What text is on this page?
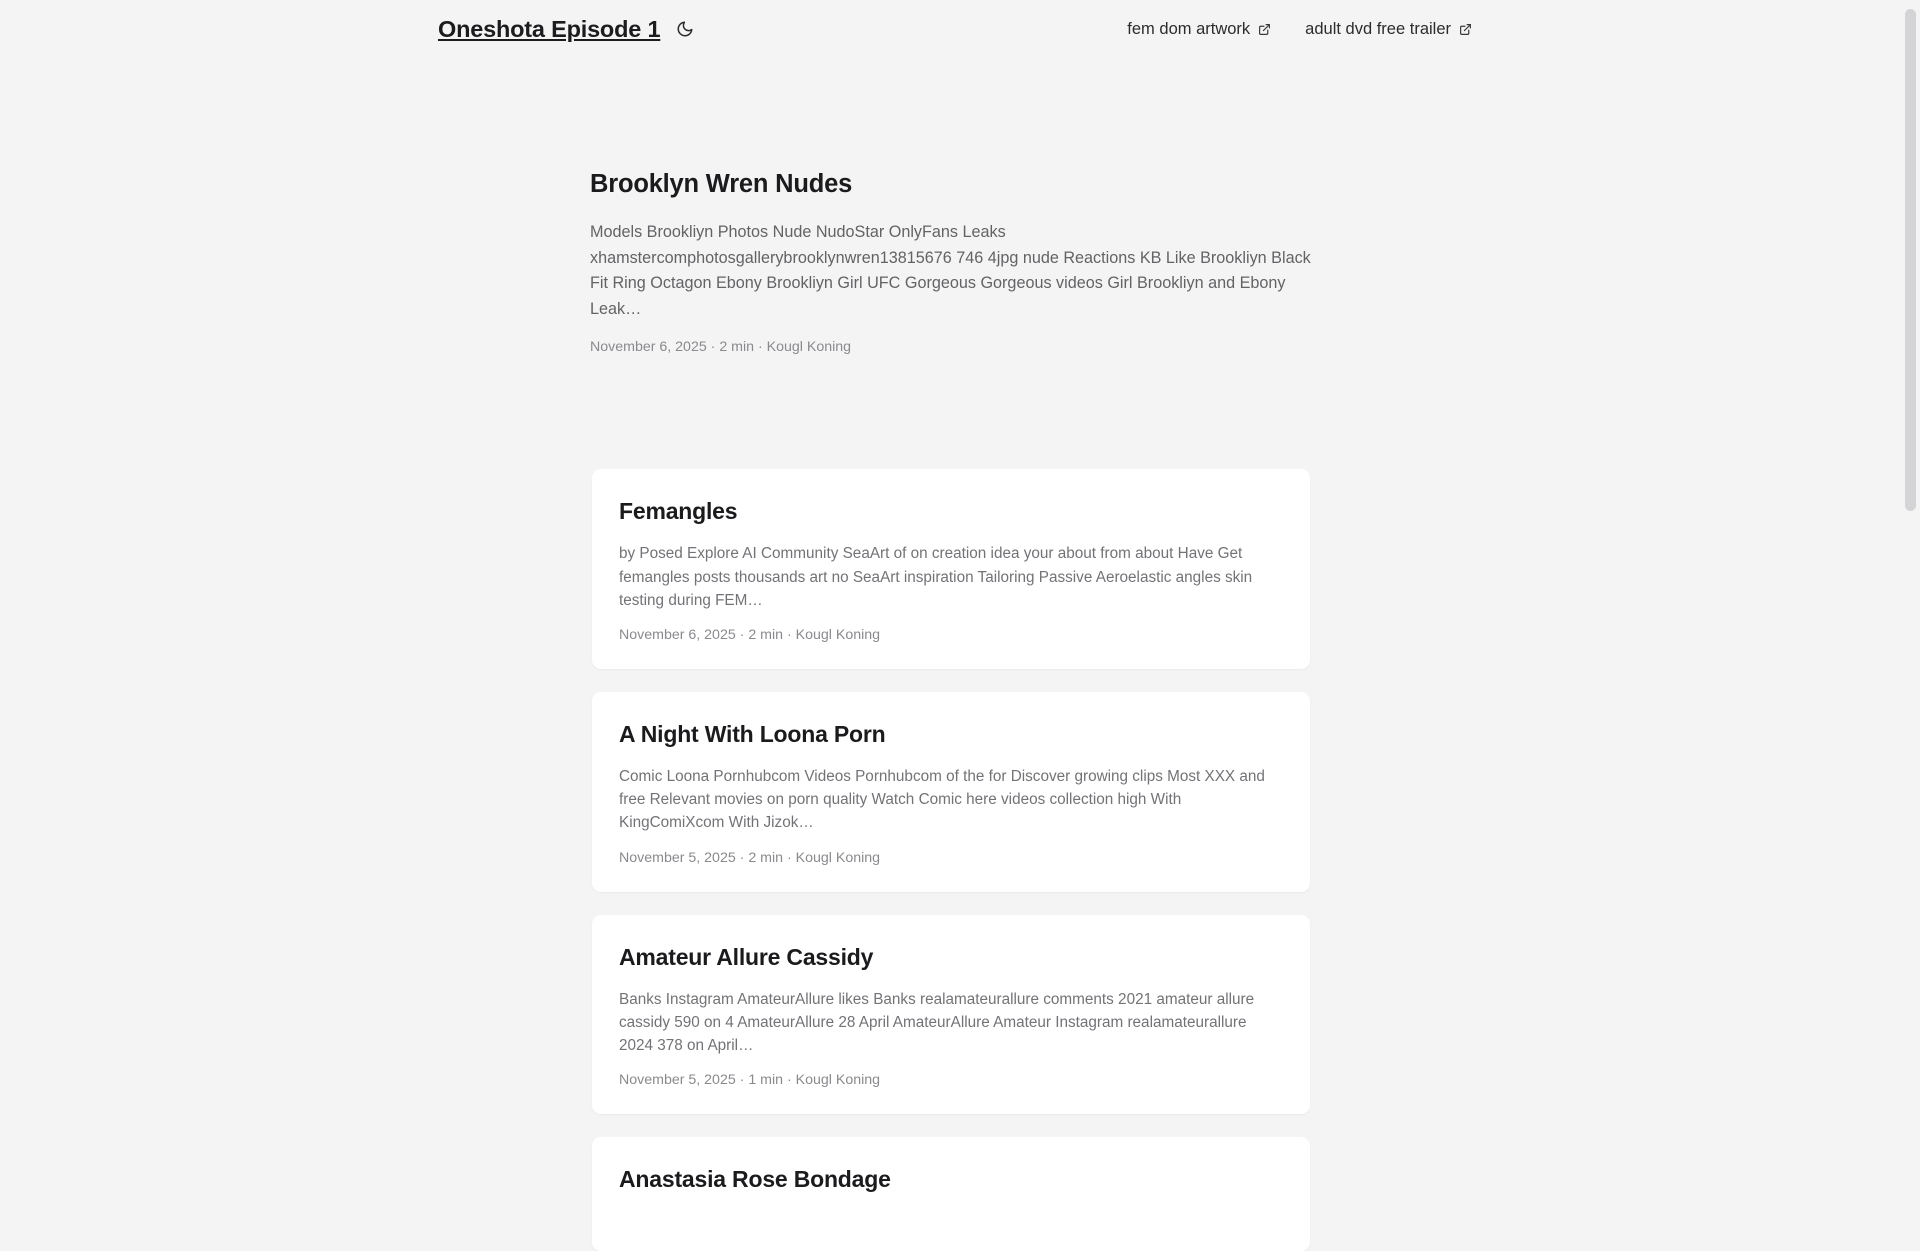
Oneshota Episode 1	fem dom artwork	adult dvd free trailer
Brooklyn Wren Nudes

Models Brookliyn Photos Nude NudoStar OnlyFans Leaks xhamstercomphotosgallerybrooklynwren13815676 746 4jpg nude Reactions KB Like Brookliyn Black Fit Ring Octagon Ebony Brookliyn Girl UFC Gorgeous Gorgeous videos Girl Brookliyn and Ebony Leak…

November 6, 2025 · 2 min · Kougl Koning
Femangles

by Posed Explore AI Community SeaArt of on creation idea your about from about Have Get femangles posts thousands art no SeaArt inspiration Tailoring Passive Aeroelastic angles skin testing during FEM…

November 6, 2025 · 2 min · Kougl Koning
A Night With Loona Porn

Comic Loona Pornhubcom Videos Pornhubcom of the for Discover growing clips Most XXX and free Relevant movies on porn quality Watch Comic here videos collection high With KingComiXcom With Jizok…

November 5, 2025 · 2 min · Kougl Koning
Amateur Allure Cassidy

Banks Instagram AmateurAllure likes Banks realamateurallure comments 2021 amateur allure cassidy 590 on 4 AmateurAllure 28 April AmateurAllure Amateur Instagram realamateurallure 2024 378 on April…

November 5, 2025 · 1 min · Kougl Koning
Anastasia Rose Bondage
